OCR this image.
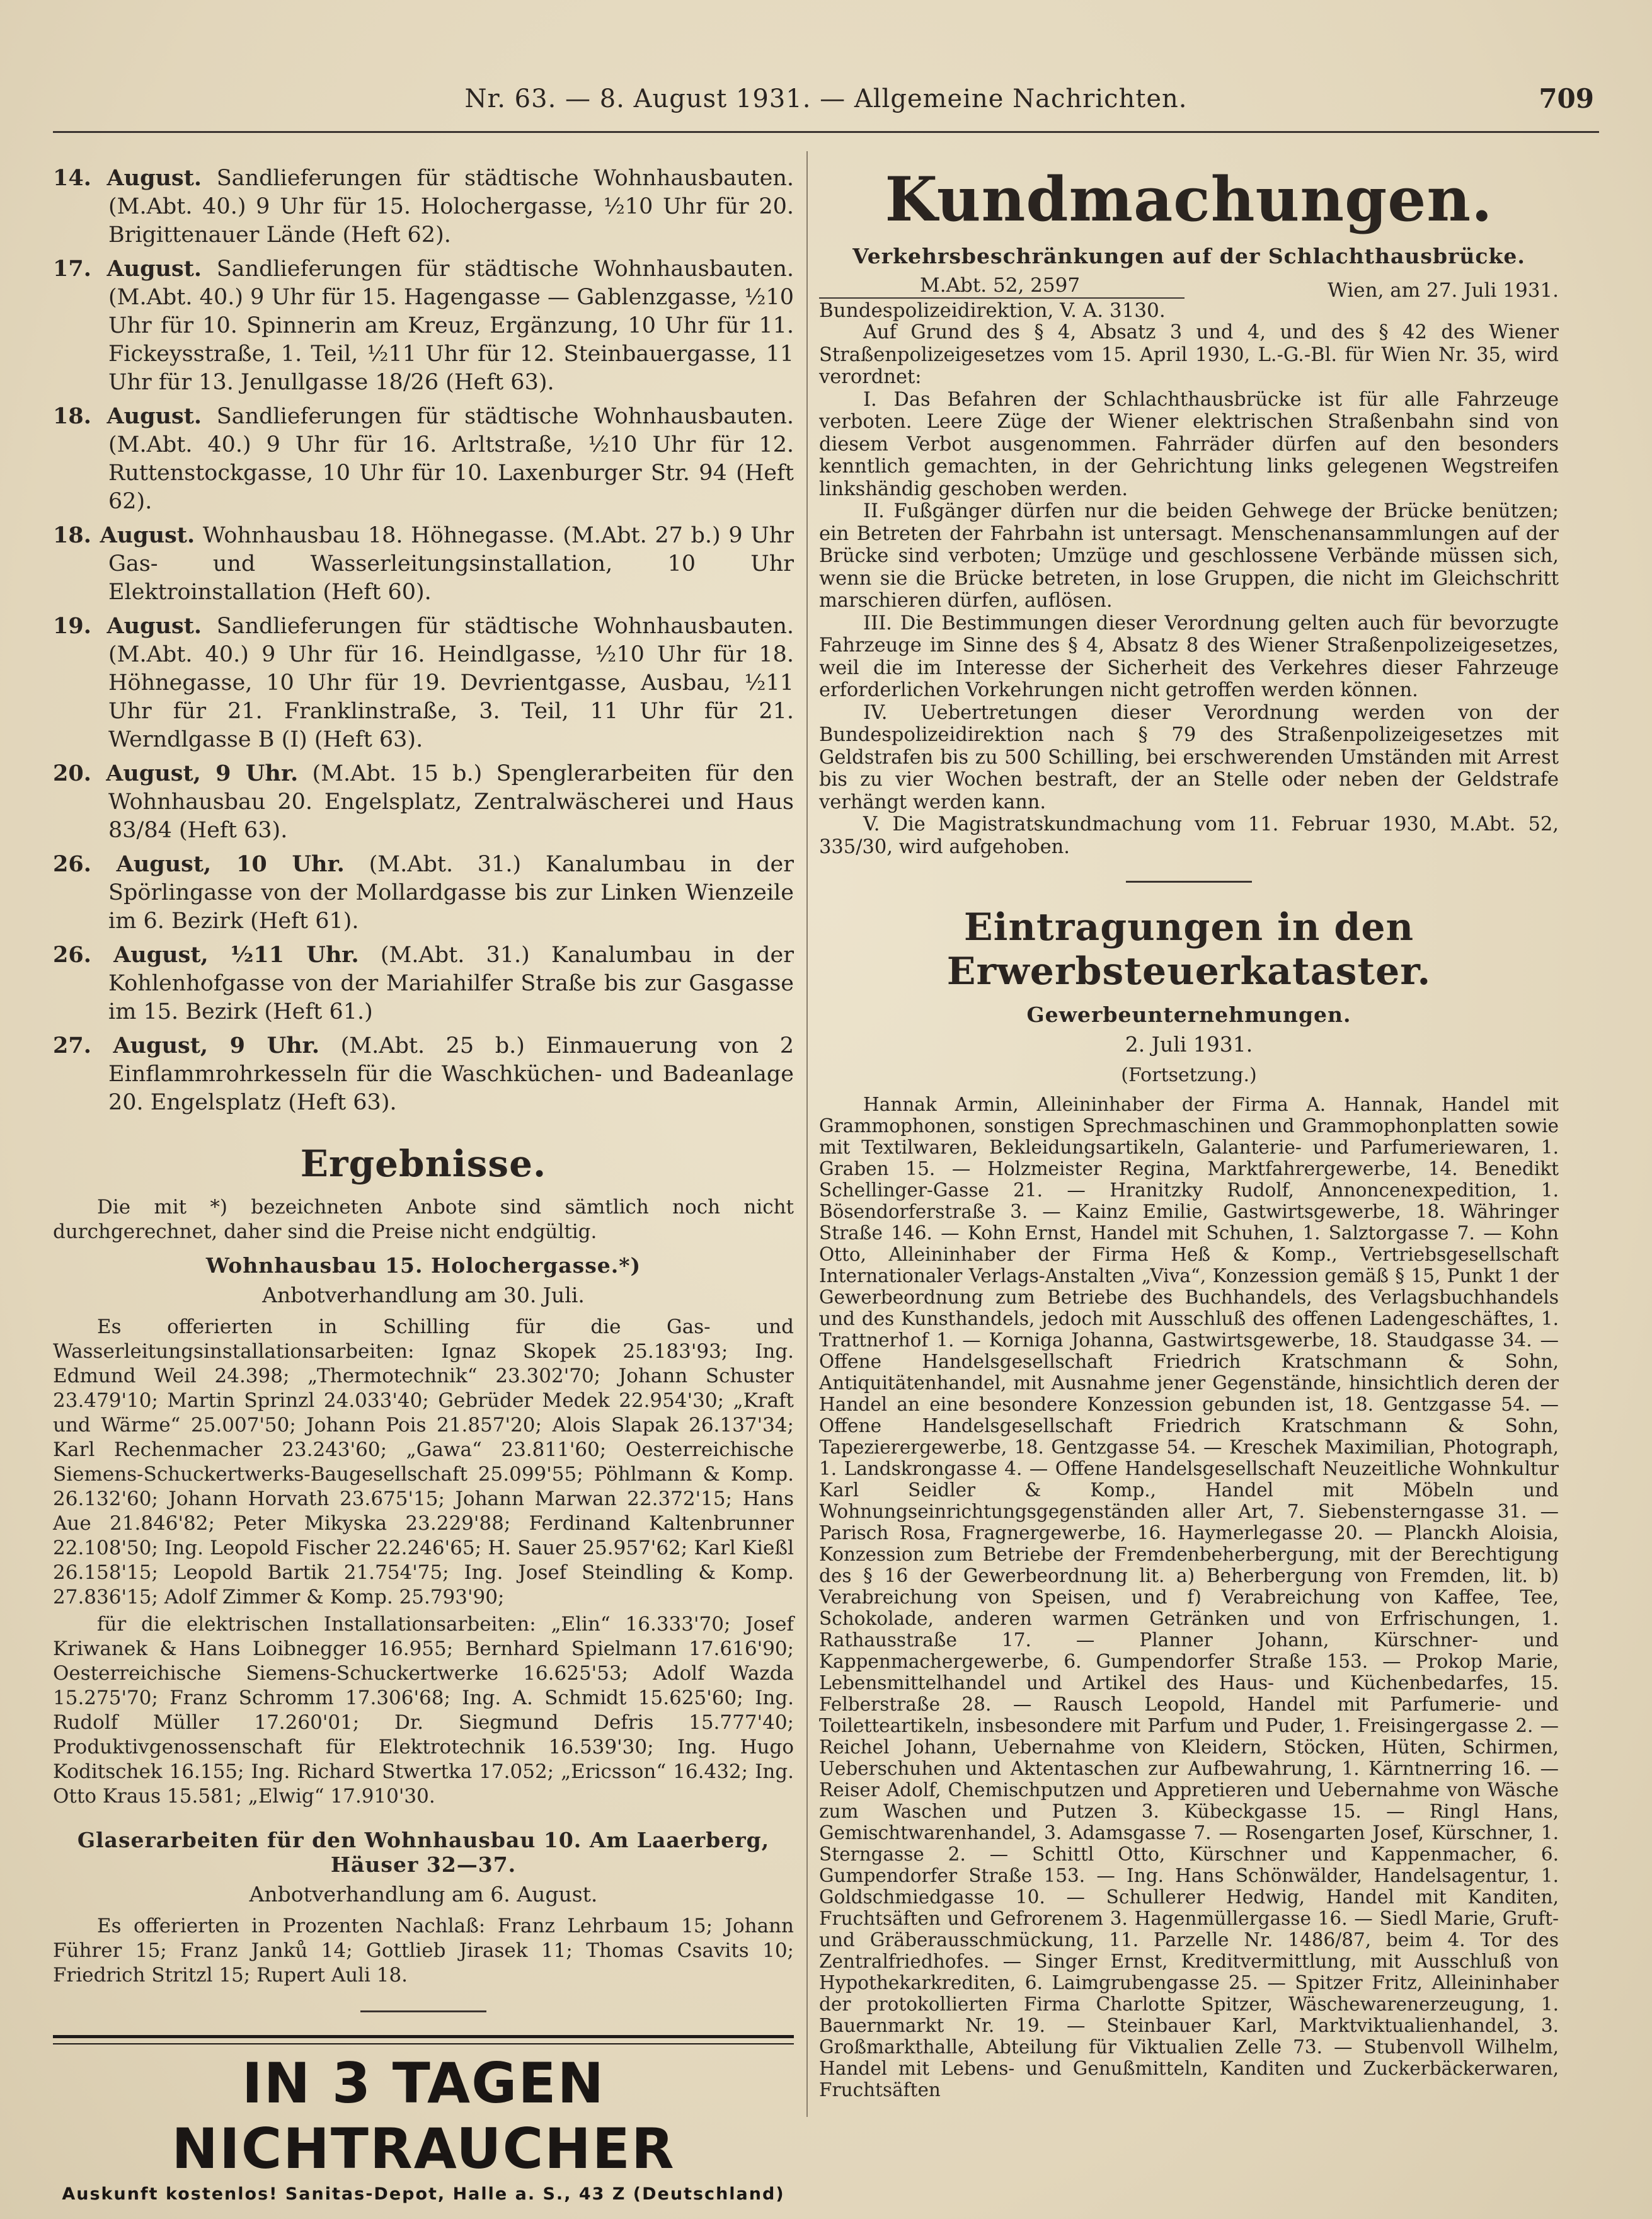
Nr. 63. — 8. August 1931. — Allgemeine Nachrichten.	709
14. August. Sandlieferungen für städtische Wohnhausbauten. (M.Abt. 40.) 9 Uhr für 15. Holochergasse, ½10 Uhr für 20. Brigittenauer Lände (Heft 62).
17. August. Sandlieferungen für städtische Wohnhausbauten. (M.Abt. 40.) 9 Uhr für 15. Hagengasse — Gablenzgasse, ½10 Uhr für 10. Spinnerin am Kreuz, Ergänzung, 10 Uhr für 11. Fickeysstraße, 1. Teil, ½11 Uhr für 12. Steinbauergasse, 11 Uhr für 13. Jenullgasse 18/26 (Heft 63).
18. August. Sandlieferungen für städtische Wohnhausbauten. (M.Abt. 40.) 9 Uhr für 16. Arltstraße, ½10 Uhr für 12. Ruttenstockgasse, 10 Uhr für 10. Laxenburger Str. 94 (Heft 62).
18. August. Wohnhausbau 18. Höhnegasse. (M.Abt. 27 b.) 9 Uhr Gas- und Wasserleitungsinstallation, 10 Uhr Elektroinstallation (Heft 60).
19. August. Sandlieferungen für städtische Wohnhausbauten. (M.Abt. 40.) 9 Uhr für 16. Heindlgasse, ½10 Uhr für 18. Höhnegasse, 10 Uhr für 19. Devrientgasse, Ausbau, ½11 Uhr für 21. Franklinstraße, 3. Teil, 11 Uhr für 21. Werndlgasse B (I) (Heft 63).
20. August, 9 Uhr. (M.Abt. 15 b.) Spenglerarbeiten für den Wohnhausbau 20. Engelsplatz, Zentralwäscherei und Haus 83/84 (Heft 63).
26. August, 10 Uhr. (M.Abt. 31.) Kanalumbau in der Spörlingasse von der Mollardgasse bis zur Linken Wienzeile im 6. Bezirk (Heft 61).
26. August, ½11 Uhr. (M.Abt. 31.) Kanalumbau in der Kohlenhofgasse von der Mariahilfer Straße bis zur Gasgasse im 15. Bezirk (Heft 61.)
27. August, 9 Uhr. (M.Abt. 25 b.) Einmauerung von 2 Einflammrohrkesseln für die Waschküchen- und Badeanlage 20. Engelsplatz (Heft 63).
Ergebnisse.

Die mit *) bezeichneten Anbote sind sämtlich noch nicht durchgerechnet, daher sind die Preise nicht endgültig.

Wohnhausbau 15. Holochergasse.*)
Anbotverhandlung am 30. Juli.

Es offerierten in Schilling für die Gas- und Wasserleitungsinstallationsarbeiten: Ignaz Skopek 25.183'93; Ing. Edmund Weil 24.398; „Thermotechnik“ 23.302'70; Johann Schuster 23.479'10; Martin Sprinzl 24.033'40; Gebrüder Medek 22.954'30; „Kraft und Wärme“ 25.007'50; Johann Pois 21.857'20; Alois Slapak 26.137'34; Karl Rechenmacher 23.243'60; „Gawa“ 23.811'60; Oesterreichische Siemens-Schuckertwerks-Baugesellschaft 25.099'55; Pöhlmann & Komp. 26.132'60; Johann Horvath 23.675'15; Johann Marwan 22.372'15; Hans Aue 21.846'82; Peter Mikyska 23.229'88; Ferdinand Kaltenbrunner 22.108'50; Ing. Leopold Fischer 22.246'65; H. Sauer 25.957'62; Karl Kießl 26.158'15; Leopold Bartik 21.754'75; Ing. Josef Steindling & Komp. 27.836'15; Adolf Zimmer & Komp. 25.793'90;

für die elektrischen Installationsarbeiten: „Elin“ 16.333'70; Josef Kriwanek & Hans Loibnegger 16.955; Bernhard Spielmann 17.616'90; Oesterreichische Siemens-Schuckertwerke 16.625'53; Adolf Wazda 15.275'70; Franz Schromm 17.306'68; Ing. A. Schmidt 15.625'60; Ing. Rudolf Müller 17.260'01; Dr. Siegmund Defris 15.777'40; Produktivgenossenschaft für Elektrotechnik 16.539'30; Ing. Hugo Koditschek 16.155; Ing. Richard Stwertka 17.052; „Ericsson“ 16.432; Ing. Otto Kraus 15.581; „Elwig“ 17.910'30.

Glaserarbeiten für den Wohnhausbau 10. Am Laaerberg, Häuser 32—37.
Anbotverhandlung am 6. August.

Es offerierten in Prozenten Nachlaß: Franz Lehrbaum 15; Johann Führer 15; Franz Janků 14; Gottlieb Jirasek 11; Thomas Csavits 10; Friedrich Stritzl 15; Rupert Auli 18.

IN 3 TAGEN NICHTRAUCHER
Auskunft kostenlos! Sanitas-Depot, Halle a. S., 43 Z (Deutschland)
Kundmachungen.
Verkehrsbeschränkungen auf der Schlachthausbrücke.
M.Abt. 52, 2597
Bundespolizeidirektion, V. A. 3130.
Wien, am 27. Juli 1931.

Auf Grund des § 4, Absatz 3 und 4, und des § 42 des Wiener Straßenpolizeigesetzes vom 15. April 1930, L.-G.-Bl. für Wien Nr. 35, wird verordnet:

I. Das Befahren der Schlachthausbrücke ist für alle Fahrzeuge verboten. Leere Züge der Wiener elektrischen Straßenbahn sind von diesem Verbot ausgenommen. Fahrräder dürfen auf den besonders kenntlich gemachten, in der Gehrichtung links gelegenen Wegstreifen linkshändig geschoben werden.

II. Fußgänger dürfen nur die beiden Gehwege der Brücke benützen; ein Betreten der Fahrbahn ist untersagt. Menschenansammlungen auf der Brücke sind verboten; Umzüge und geschlossene Verbände müssen sich, wenn sie die Brücke betreten, in lose Gruppen, die nicht im Gleichschritt marschieren dürfen, auflösen.

III. Die Bestimmungen dieser Verordnung gelten auch für bevorzugte Fahrzeuge im Sinne des § 4, Absatz 8 des Wiener Straßenpolizeigesetzes, weil die im Interesse der Sicherheit des Verkehres dieser Fahrzeuge erforderlichen Vorkehrungen nicht getroffen werden können.

IV. Uebertretungen dieser Verordnung werden von der Bundespolizeidirektion nach § 79 des Straßenpolizeigesetzes mit Geldstrafen bis zu 500 Schilling, bei erschwerenden Umständen mit Arrest bis zu vier Wochen bestraft, der an Stelle oder neben der Geldstrafe verhängt werden kann.

V. Die Magistratskundmachung vom 11. Februar 1930, M.Abt. 52, 335/30, wird aufgehoben.

Eintragungen in den Erwerbsteuerkataster.
Gewerbeunternehmungen.
2. Juli 1931.
(Fortsetzung.)

Hannak Armin, Alleininhaber der Firma A. Hannak, Handel mit Grammophonen, sonstigen Sprechmaschinen und Grammophonplatten sowie mit Textilwaren, Bekleidungsartikeln, Galanterie- und Parfumeriewaren, 1. Graben 15. — Holzmeister Regina, Marktfahrergewerbe, 14. Benedikt Schellinger-Gasse 21. — Hranitzky Rudolf, Annoncenexpedition, 1. Bösendorferstraße 3. — Kainz Emilie, Gastwirtsgewerbe, 18. Währinger Straße 146. — Kohn Ernst, Handel mit Schuhen, 1. Salztorgasse 7. — Kohn Otto, Alleininhaber der Firma Heß & Komp., Vertriebsgesellschaft Internationaler Verlags-Anstalten „Viva“, Konzession gemäß § 15, Punkt 1 der Gewerbeordnung zum Betriebe des Buchhandels, des Verlagsbuchhandels und des Kunsthandels, jedoch mit Ausschluß des offenen Ladengeschäftes, 1. Trattnerhof 1. — Korniga Johanna, Gastwirtsgewerbe, 18. Staudgasse 34. — Offene Handelsgesellschaft Friedrich Kratschmann & Sohn, Antiquitätenhandel, mit Ausnahme jener Gegenstände, hinsichtlich deren der Handel an eine besondere Konzession gebunden ist, 18. Gentzgasse 54. — Offene Handelsgesellschaft Friedrich Kratschmann & Sohn, Tapezierergewerbe, 18. Gentzgasse 54. — Kreschek Maximilian, Photograph, 1. Landskrongasse 4. — Offene Handelsgesellschaft Neuzeitliche Wohnkultur Karl Seidler & Komp., Handel mit Möbeln und Wohnungseinrichtungsgegenständen aller Art, 7. Siebensterngasse 31. — Parisch Rosa, Fragnergewerbe, 16. Haymerlegasse 20. — Planckh Aloisia, Konzession zum Betriebe der Fremdenbeherbergung, mit der Berechtigung des § 16 der Gewerbeordnung lit. a) Beherbergung von Fremden, lit. b) Verabreichung von Speisen, und f) Verabreichung von Kaffee, Tee, Schokolade, anderen warmen Getränken und von Erfrischungen, 1. Rathausstraße 17. — Planner Johann, Kürschner- und Kappenmachergewerbe, 6. Gumpendorfer Straße 153. — Prokop Marie, Lebensmittelhandel und Artikel des Haus- und Küchenbedarfes, 15. Felberstraße 28. — Rausch Leopold, Handel mit Parfumerie- und Toiletteartikeln, insbesondere mit Parfum und Puder, 1. Freisingergasse 2. — Reichel Johann, Uebernahme von Kleidern, Stöcken, Hüten, Schirmen, Ueberschuhen und Aktentaschen zur Aufbewahrung, 1. Kärntnerring 16. — Reiser Adolf, Chemischputzen und Appretieren und Uebernahme von Wäsche zum Waschen und Putzen 3. Kübeckgasse 15. — Ringl Hans, Gemischtwarenhandel, 3. Adamsgasse 7. — Rosengarten Josef, Kürschner, 1. Sterngasse 2. — Schittl Otto, Kürschner und Kappenmacher, 6. Gumpendorfer Straße 153. — Ing. Hans Schönwälder, Handelsagentur, 1. Goldschmiedgasse 10. — Schullerer Hedwig, Handel mit Kanditen, Fruchtsäften und Gefrorenem 3. Hagenmüllergasse 16. — Siedl Marie, Gruft- und Gräberausschmückung, 11. Parzelle Nr. 1486/87, beim 4. Tor des Zentralfriedhofes. — Singer Ernst, Kreditvermittlung, mit Ausschluß von Hypothekarkrediten, 6. Laimgrubengasse 25. — Spitzer Fritz, Alleininhaber der protokollierten Firma Charlotte Spitzer, Wäschewarenerzeugung, 1. Bauernmarkt Nr. 19. — Steinbauer Karl, Marktviktualienhandel, 3. Großmarkthalle, Abteilung für Viktualien Zelle 73. — Stubenvoll Wilhelm, Handel mit Lebens- und Genußmitteln, Kanditen und Zuckerbäckerwaren, Fruchtsäften
